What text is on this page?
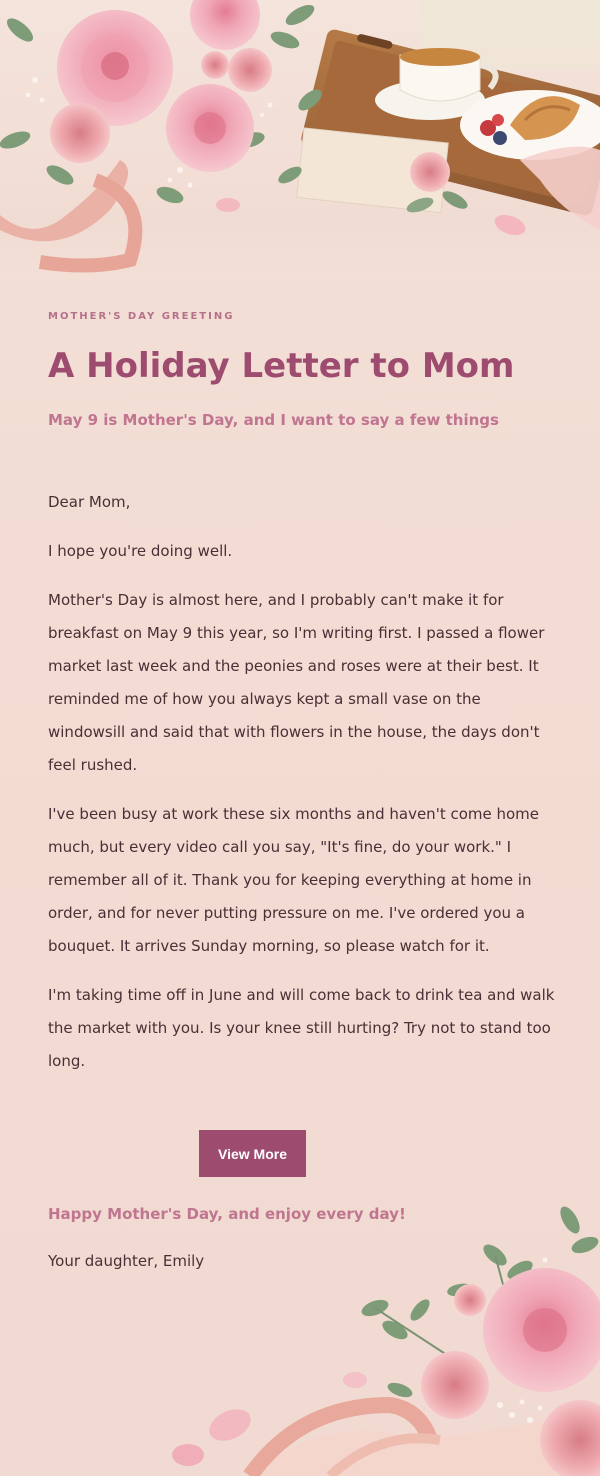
MOTHER'S DAY GREETING
A Holiday Letter to Mom

May 9 is Mother's Day, and I want to say a few things

Dear Mom,

I hope you're doing well.

Mother's Day is almost here, and I probably can't make it for breakfast on May 9 this year, so I'm writing first. I passed a flower market last week and the peonies and roses were at their best. It reminded me of how you always kept a small vase on the windowsill and said that with flowers in the house, the days don't feel rushed.

I've been busy at work these six months and haven't come home much, but every video call you say, "It's fine, do your work." I remember all of it. Thank you for keeping everything at home in order, and for never putting pressure on me. I've ordered you a bouquet. It arrives Sunday morning, so please watch for it.

I'm taking time off in June and will come back to drink tea and walk the market with you. Is your knee still hurting? Try not to stand too long.

Happy Mother's Day, and enjoy every day!

Your daughter, Emily

View More
